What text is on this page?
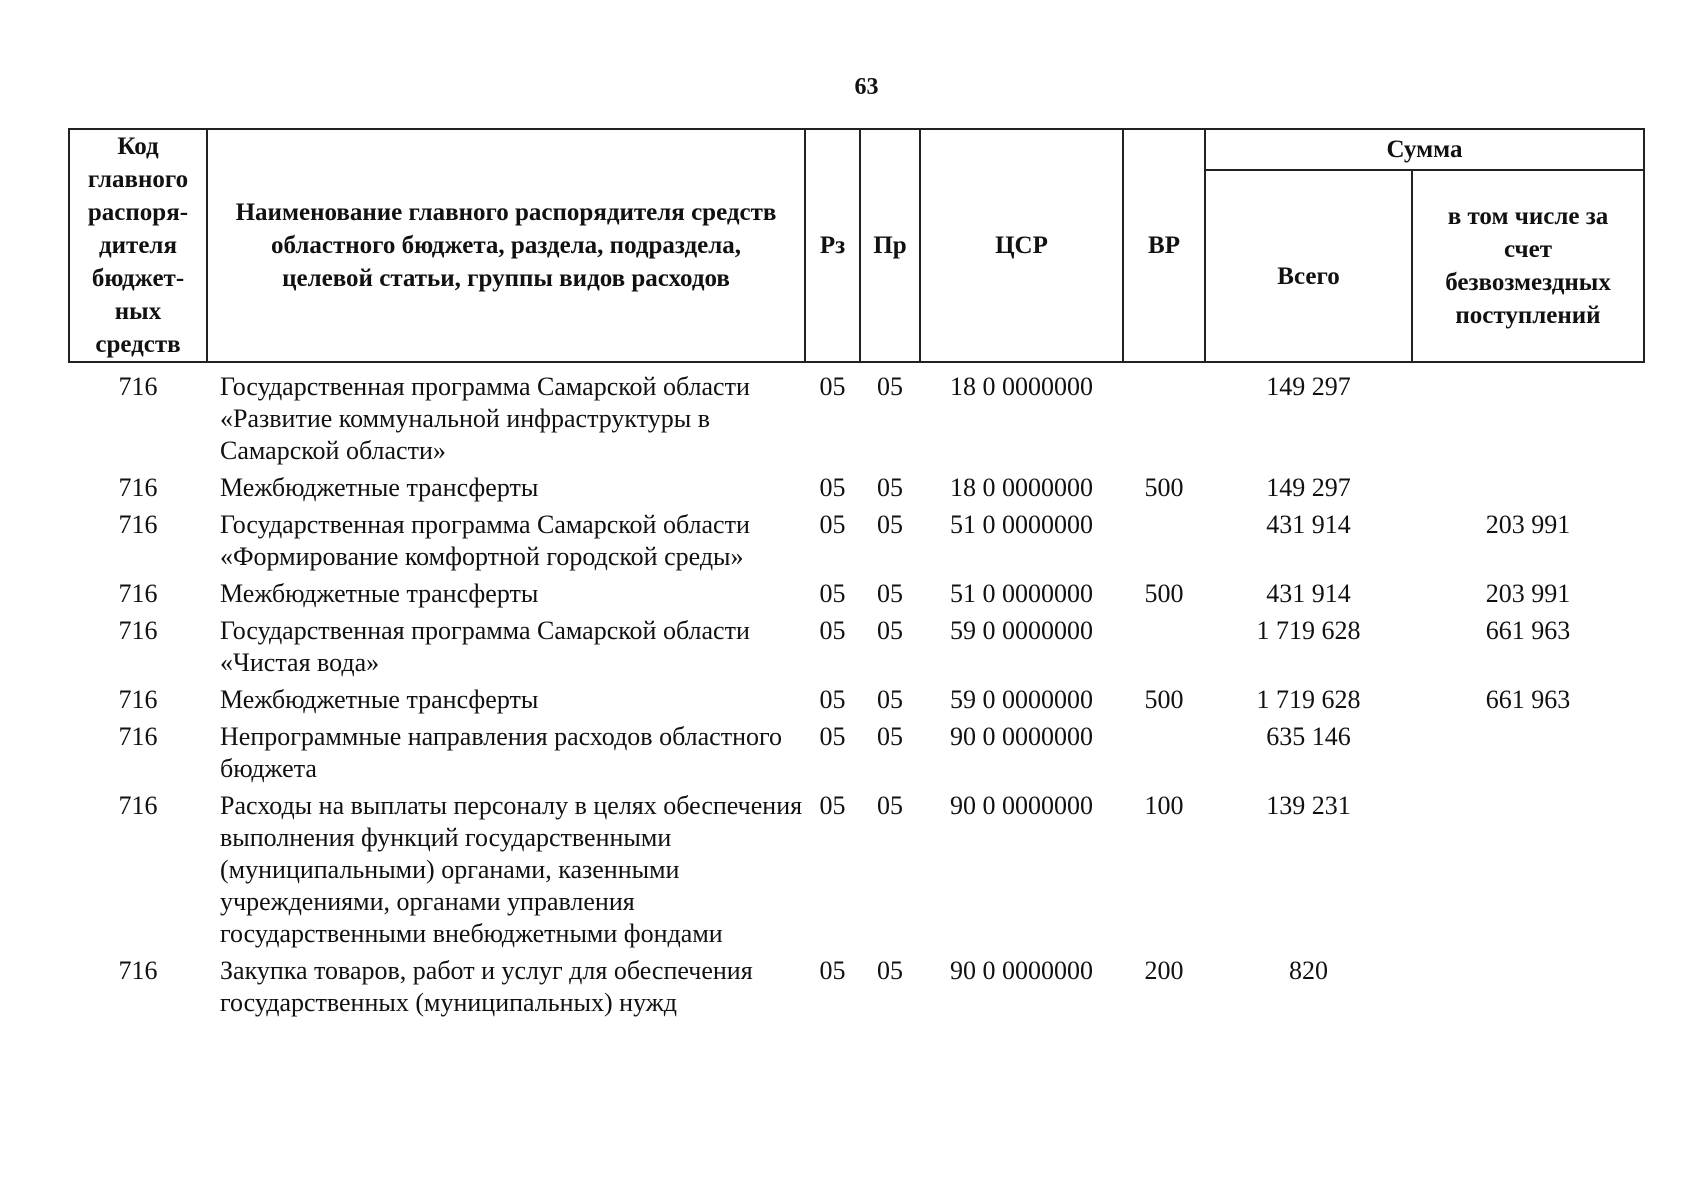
63
Код главного распоря-дителя бюджет-ных средств	Наименование главного распорядителя средств областного бюджета, раздела, подраздела, целевой статьи, группы видов расходов	Рз	Пр	ЦСР	ВР	Сумма	
						Всего	в том числе за счет безвозмездных поступлений
716	Государственная программа Самарской области «Развитие коммунальной инфраструктуры в Самарской области»	05	05	18 0 0000000		149 297	
716	Межбюджетные трансферты	05	05	18 0 0000000	500	149 297	
716	Государственная программа Самарской области «Формирование комфортной городской среды»	05	05	51 0 0000000		431 914	203 991
716	Межбюджетные трансферты	05	05	51 0 0000000	500	431 914	203 991
716	Государственная программа Самарской области «Чистая вода»	05	05	59 0 0000000		1 719 628	661 963
716	Межбюджетные трансферты	05	05	59 0 0000000	500	1 719 628	661 963
716	Непрограммные направления расходов областного бюджета	05	05	90 0 0000000		635 146	
716	Расходы на выплаты персоналу в целях обеспечения выполнения функций государственными (муниципальными) органами, казенными учреждениями, органами управления государственными внебюджетными фондами	05	05	90 0 0000000	100	139 231	
716	Закупка товаров, работ и услуг для обеспечения государственных (муниципальных) нужд	05	05	90 0 0000000	200	820	
